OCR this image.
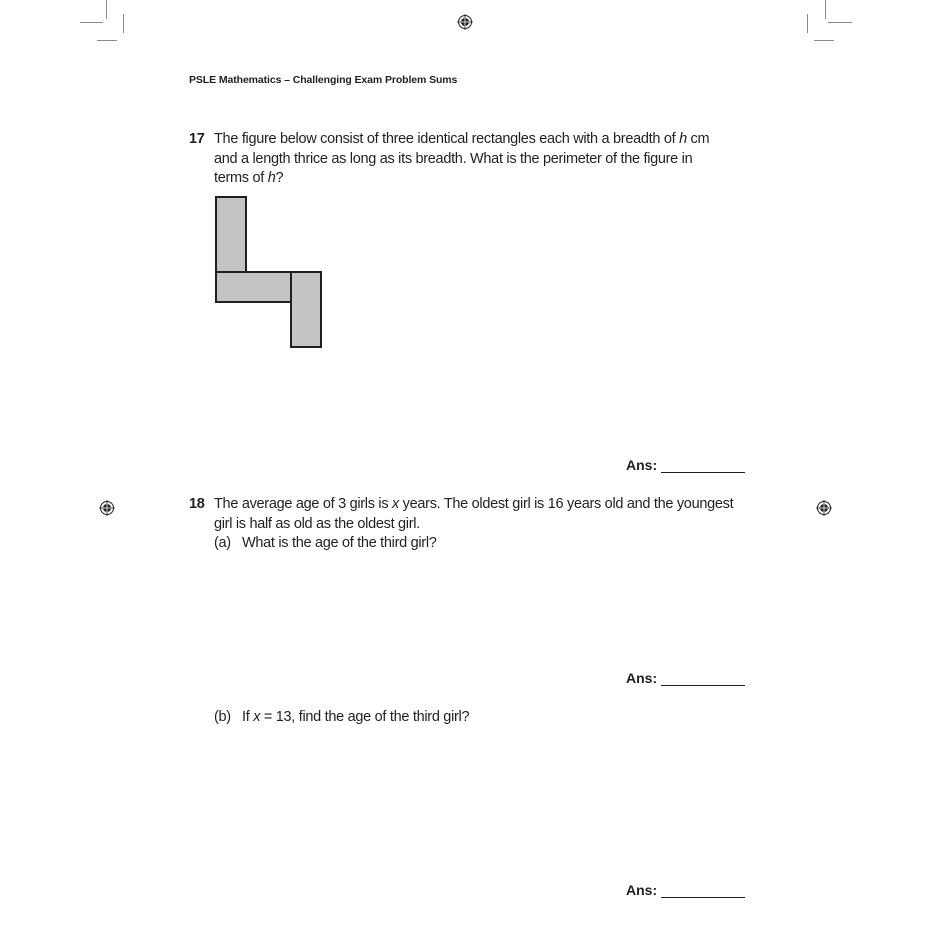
PSLE Mathematics – Challenging Exam Problem Sums
17 The figure below consist of three identical rectangles each with a breadth of h cm
and a length thrice as long as its breadth. What is the perimeter of the figure in
terms of h?
Ans:
18 The average age of 3 girls is x years. The oldest girl is 16 years old and the youngest
girl is half as old as the oldest girl.
(a) What is the age of the third girl?
Ans:
(b) If x = 13, find the age of the third girl?
Ans:
